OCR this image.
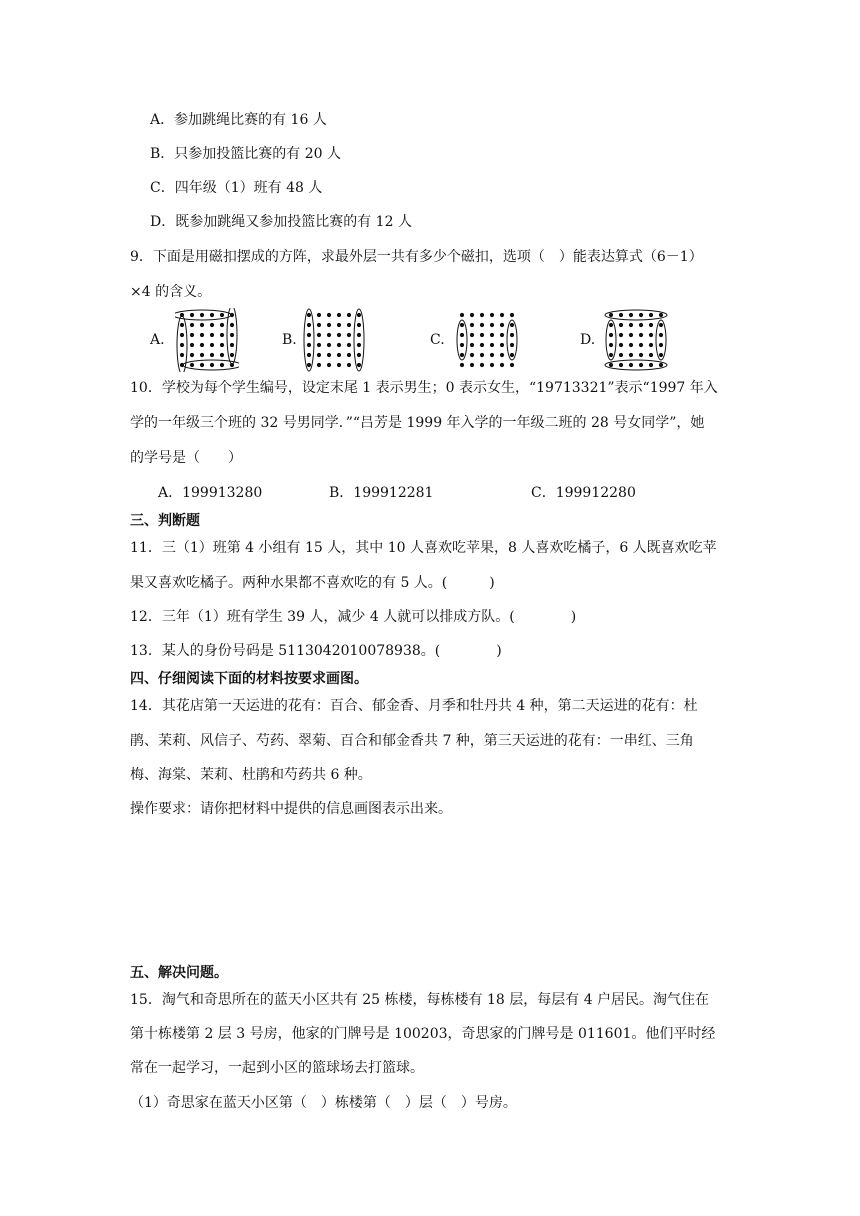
A．参加跳绳比赛的有 16 人
B．只参加投篮比赛的有 20 人
C．四年级（1）班有 48 人
D．既参加跳绳又参加投篮比赛的有 12 人
9．下面是用磁扣摆成的方阵，求最外层一共有多少个磁扣，选项（　）能表达算式（6－1）
×4 的含义。
A.	B.	C.	D.
10．学校为每个学生编号，设定末尾 1 表示男生；0 表示女生，“19713321”表示“1997 年入
学的一年级三个班的 32 号男同学．”“吕芳是 1999 年入学的一年级二班的 28 号女同学”，她
的学号是（　　）
A．199913280	B．199912281	C．199912280
三、判断题
11．三（1）班第 4 小组有 15 人，其中 10 人喜欢吃苹果，8 人喜欢吃橘子，6 人既喜欢吃苹
果又喜欢吃橘子。两种水果都不喜欢吃的有 5 人。(　　　)
12．三年（1）班有学生 39 人，减少 4 人就可以排成方队。(　　　　)
13．某人的身份号码是 5113042010078938。(　　　　)
四、仔细阅读下面的材料按要求画图。
14．其花店第一天运进的花有：百合、郁金香、月季和牡丹共 4 种，第二天运进的花有：杜
鹃、茉莉、风信子、芍药、翠菊、百合和郁金香共 7 种，第三天运进的花有：一串红、三角
梅、海棠、茉莉、杜鹃和芍药共 6 种。
操作要求：请你把材料中提供的信息画图表示出来。
五、解决问题。
15．淘气和奇思所在的蓝天小区共有 25 栋楼，每栋楼有 18 层，每层有 4 户居民。淘气住在
第十栋楼第 2 层 3 号房，他家的门牌号是 100203，奇思家的门牌号是 011601。他们平时经
常在一起学习，一起到小区的篮球场去打篮球。
（1）奇思家在蓝天小区第（　）栋楼第（　）层（　）号房。
